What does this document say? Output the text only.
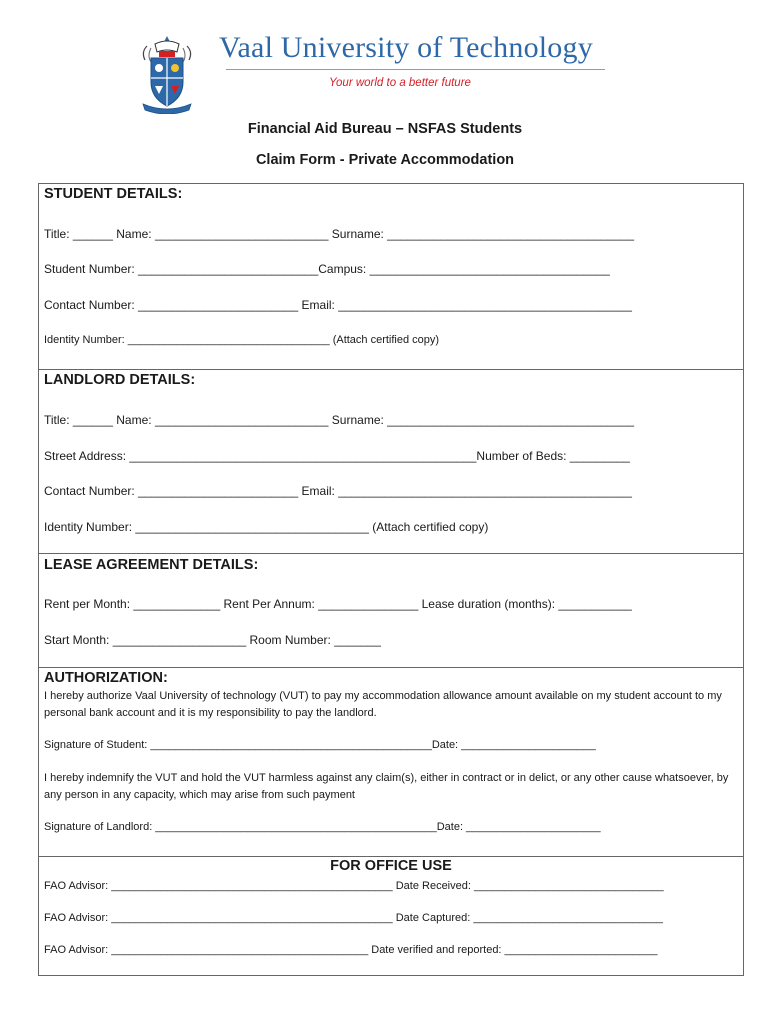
Vaal University of Technology
Your world to a better future
Financial Aid Bureau – NSFAS Students
Claim Form - Private Accommodation
STUDENT DETAILS:
Title: ______ Name: __________________________ Surname: _____________________________________
Student Number: ___________________________Campus: ____________________________________
Contact Number: ________________________ Email: ____________________________________________
Identity Number: _________________________________ (Attach certified copy)
LANDLORD DETAILS:
Title: ______ Name: __________________________ Surname: _____________________________________
Street Address: ____________________________________________________Number of Beds: _________
Contact Number: ________________________ Email: ____________________________________________
Identity Number: ___________________________________ (Attach certified copy)
LEASE AGREEMENT DETAILS:
Rent per Month: _____________ Rent Per Annum: _______________ Lease duration (months): ___________
Start Month: ____________________ Room Number: _______
AUTHORIZATION:
I hereby authorize Vaal University of technology (VUT) to pay my accommodation allowance amount available on my student account to my personal bank account and it is my responsibility to pay the landlord.
Signature of Student: ______________________________________________Date: ______________________
I hereby indemnify the VUT and hold the VUT harmless against any claim(s), either in contract or in delict, or any other cause whatsoever, by any person in any capacity, which may arise from such payment
Signature of Landlord: ______________________________________________Date: ______________________
FOR OFFICE USE
FAO Advisor: ______________________________________________ Date Received: _______________________________
FAO Advisor: ______________________________________________ Date Captured: _______________________________
FAO Advisor: __________________________________________ Date verified and reported: _________________________
